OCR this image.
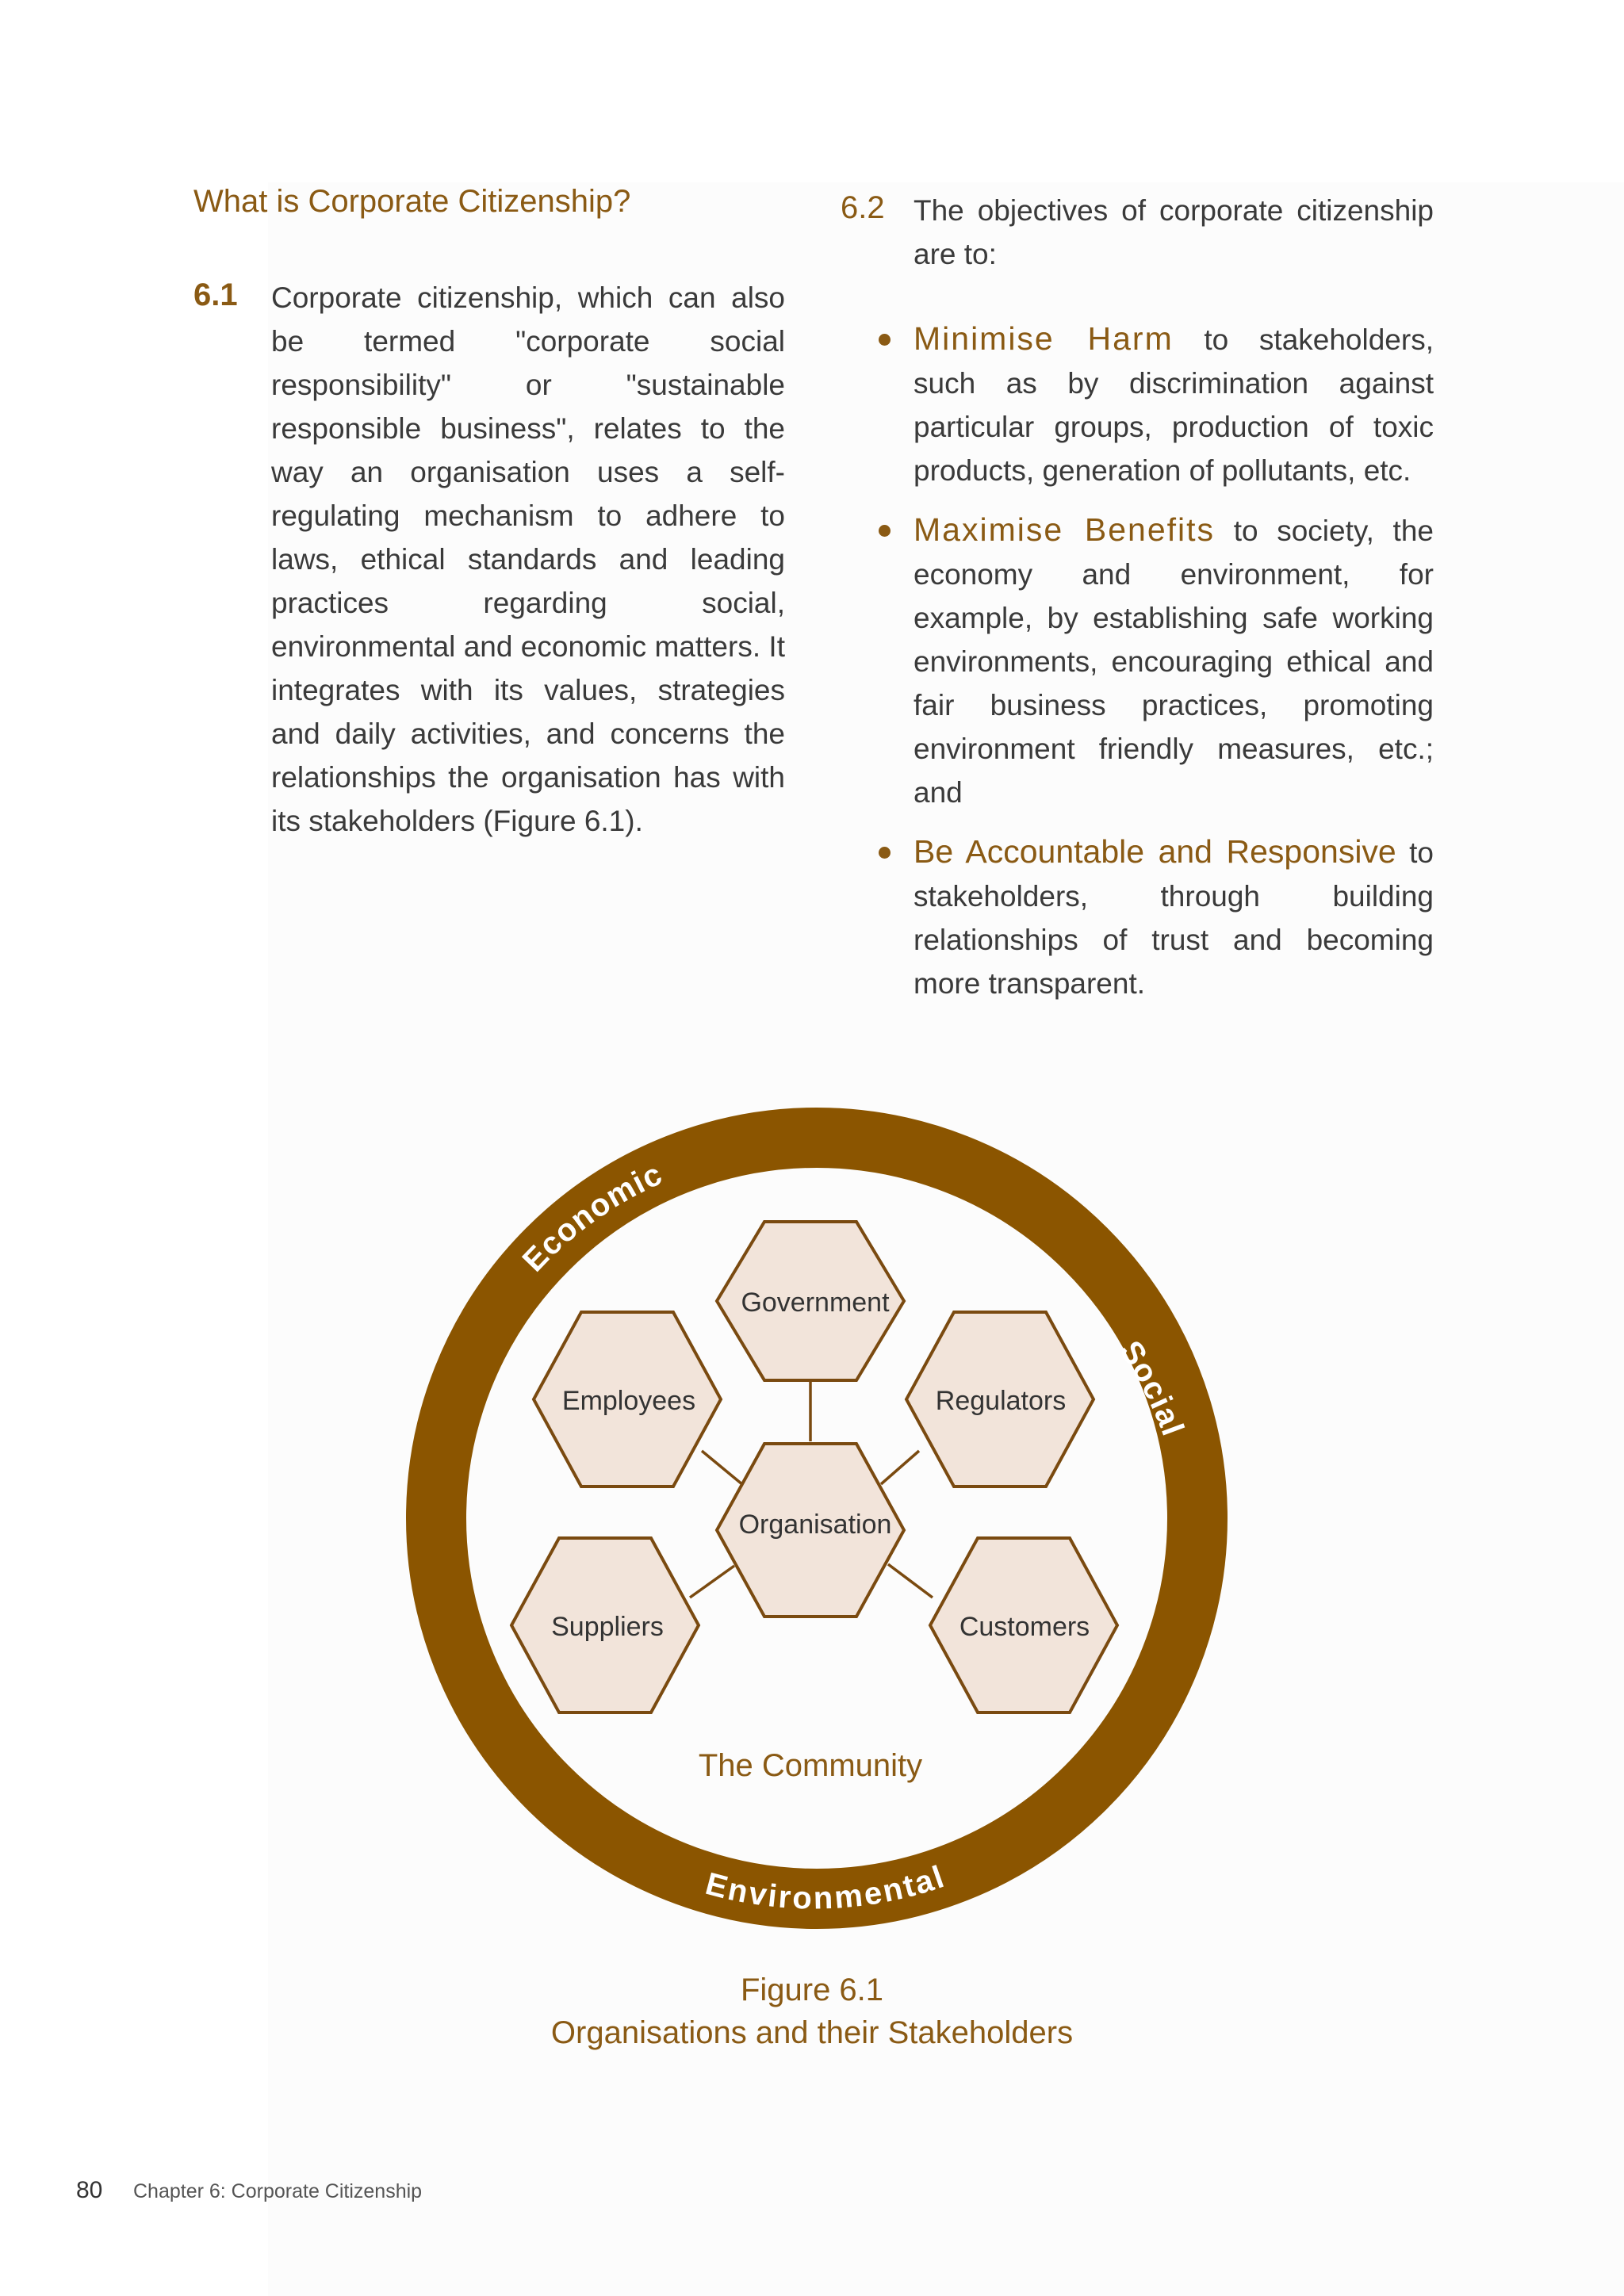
What is Corporate Citizenship?
6.1 Corporate citizenship, which can also be termed "corporate social responsibility" or "sustainable responsible business", relates to the way an organisation uses a self-regulating mechanism to adhere to laws, ethical standards and leading practices regarding social, environmental and economic matters. It integrates with its values, strategies and daily activities, and concerns the relationships the organisation has with its stakeholders (Figure 6.1).
6.2 The objectives of corporate citizenship are to:
Minimise Harm to stakeholders, such as by discrimination against particular groups, production of toxic products, generation of pollutants, etc.
Maximise Benefits to society, the economy and environment, for example, by establishing safe working environments, encouraging ethical and fair business practices, promoting environment friendly measures, etc.; and
Be Accountable and Responsive to stakeholders, through building relationships of trust and becoming more transparent.
Government
Employees	Regulators
Organisation
Suppliers	Customers
The Community
Economic
Social
Environmental
Figure 6.1
Organisations and their Stakeholders
80 Chapter 6: Corporate Citizenship
